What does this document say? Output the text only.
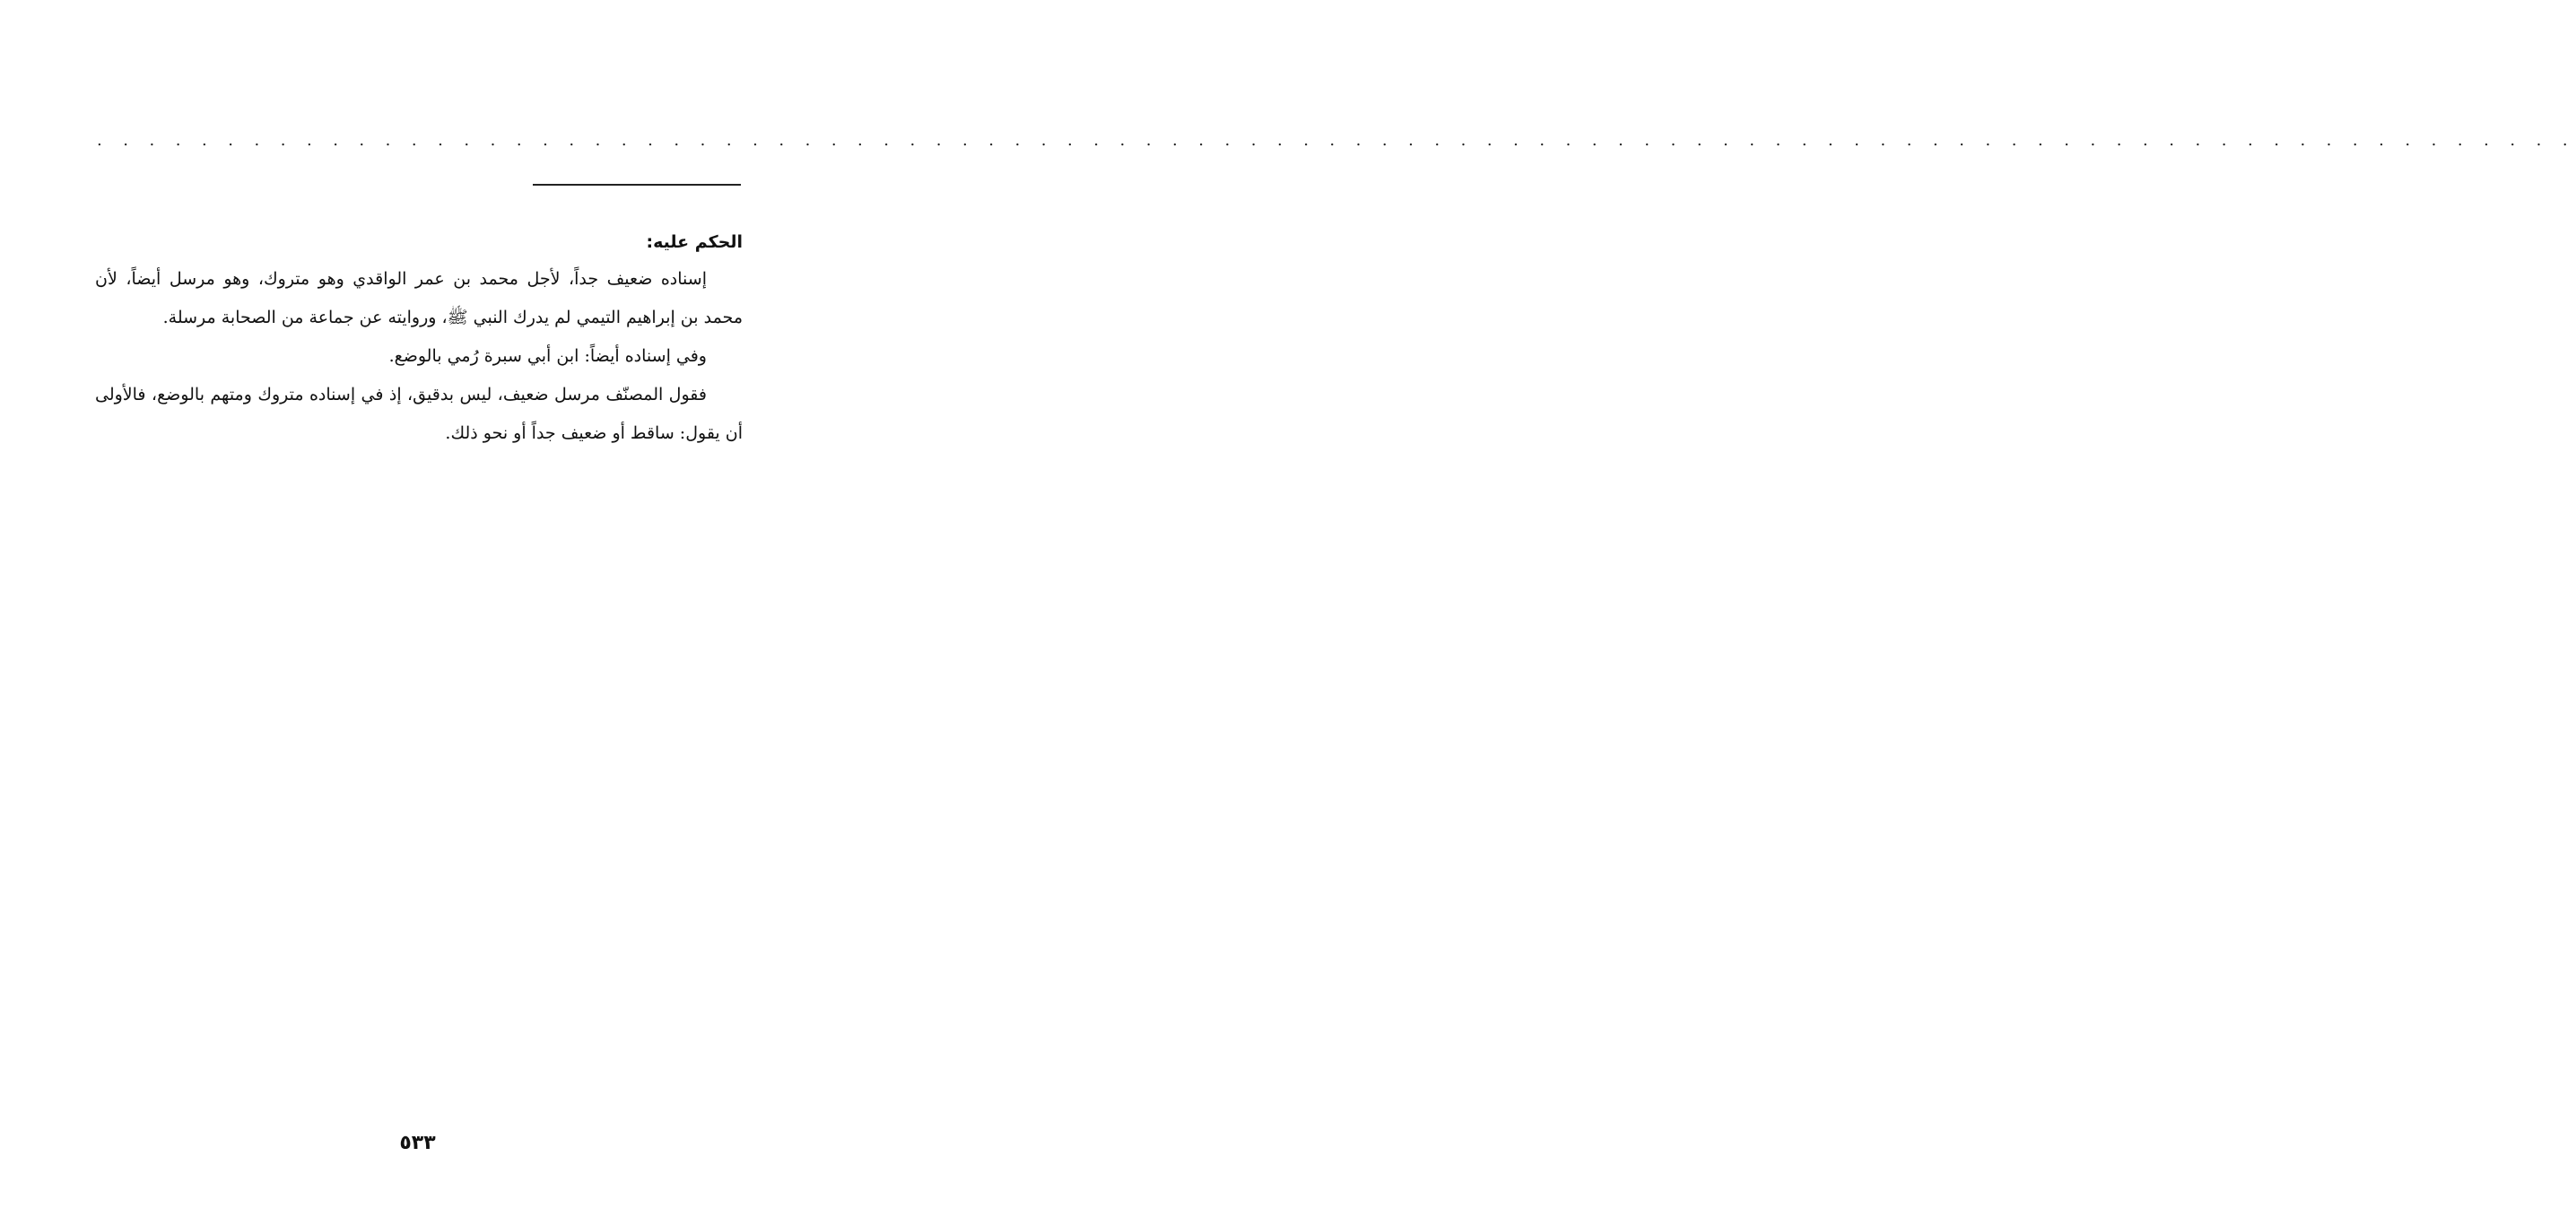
. . . . . . . . . . . . . . . . . . . . . . . . . . . . . . . . . . . . . . . . . . . . . . . . . . . . . . . . . . . . . . . . . . . . . . . . . . . . . . . . . . . . . . . . . . . . . . .

الحكم عليه:

إسناده ضعيف جداً، لأجل محمد بن عمر الواقدي وهو متروك، وهو مرسل أيضاً، لأن محمد بن إبراهيم التيمي لم يدرك النبي ﷺ، وروايته عن جماعة من الصحابة مرسلة.

وفي إسناده أيضاً: ابن أبي سبرة رُمي بالوضع.

فقول المصنّف مرسل ضعيف، ليس بدقيق، إذ في إسناده متروك ومتهم بالوضع، فالأولى أن يقول: ساقط أو ضعيف جداً أو نحو ذلك.

٥٣٣
